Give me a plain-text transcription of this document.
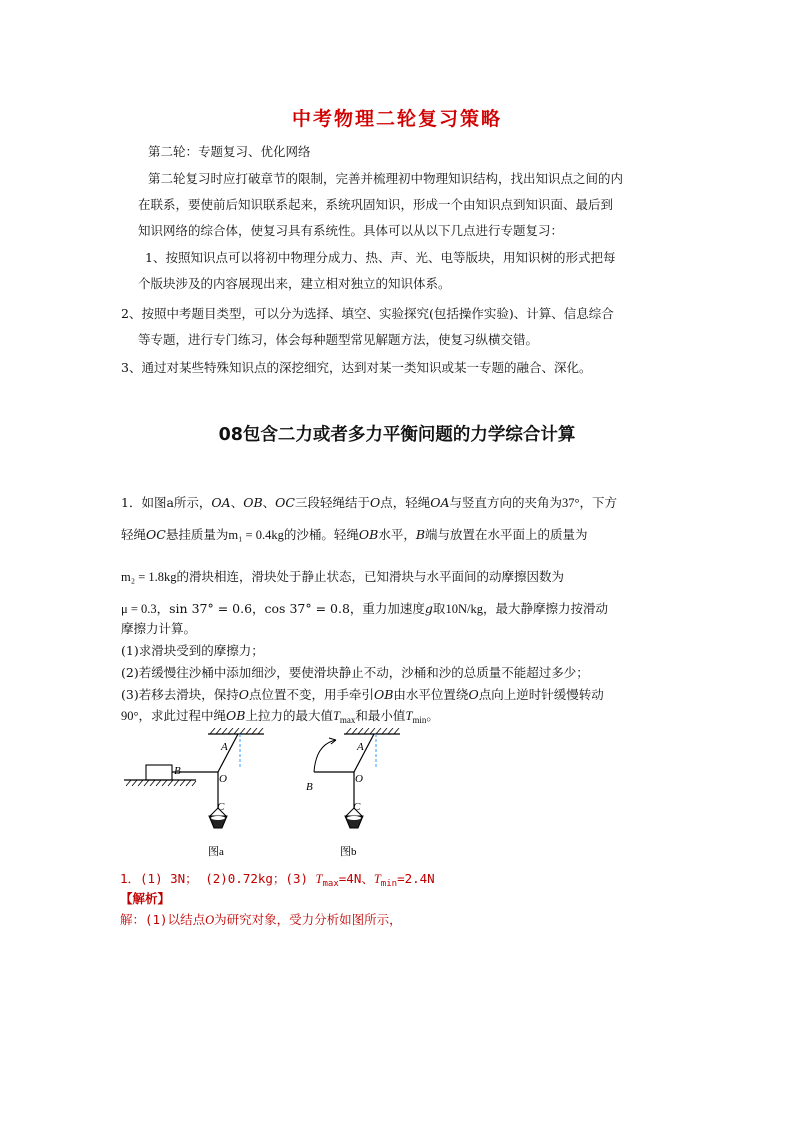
中考物理二轮复习策略
第二轮：专题复习、优化网络
第二轮复习时应打破章节的限制，完善并梳理初中物理知识结构，找出知识点之间的内
在联系，要使前后知识联系起来，系统巩固知识，形成一个由知识点到知识面、最后到
知识网络的综合体，使复习具有系统性。具体可以从以下几点进行专题复习：
1、按照知识点可以将初中物理分成力、热、声、光、电等版块，用知识树的形式把每
个版块涉及的内容展现出来，建立相对独立的知识体系。
2、按照中考题目类型，可以分为选择、填空、实验探究(包括操作实验)、计算、信息综合
等专题，进行专门练习，体会每种题型常见解题方法，使复习纵横交错。
3、通过对某些特殊知识点的深挖细究，达到对某一类知识或某一专题的融合、深化。
08包含二力或者多力平衡问题的力学综合计算
1．如图a所示，OA、OB、OC三段轻绳结于O点，轻绳OA与竖直方向的夹角为37°，下方
轻绳OC悬挂质量为m₁ = 0.4kg的沙桶。轻绳OB水平，B端与放置在水平面上的质量为
m₂ = 1.8kg的滑块相连，滑块处于静止状态，已知滑块与水平面间的动摩擦因数为
μ = 0.3，sin 37° = 0.6，cos 37° = 0.8，重力加速度g取10N/kg，最大静摩擦力按滑动
摩擦力计算。
(1)求滑块受到的摩擦力；
(2)若缓慢往沙桶中添加细沙，要使滑块静止不动，沙桶和沙的总质量不能超过多少；
(3)若移去滑块，保持O点位置不变，用手牵引OB由水平位置绕O点向上逆时针缓慢转动
90°，求此过程中绳OB上拉力的最大值$T_{max}$和最小值$T_{min}$。
A
B
O
C
图a
A
B
O
C
图b
1．(1) 3N； (2)0.72kg；(3) $T_{max}=4N$、$T_{min}=2.4N$
【解析】
解：(1)以结点O为研究对象，受力分析如图所示，
